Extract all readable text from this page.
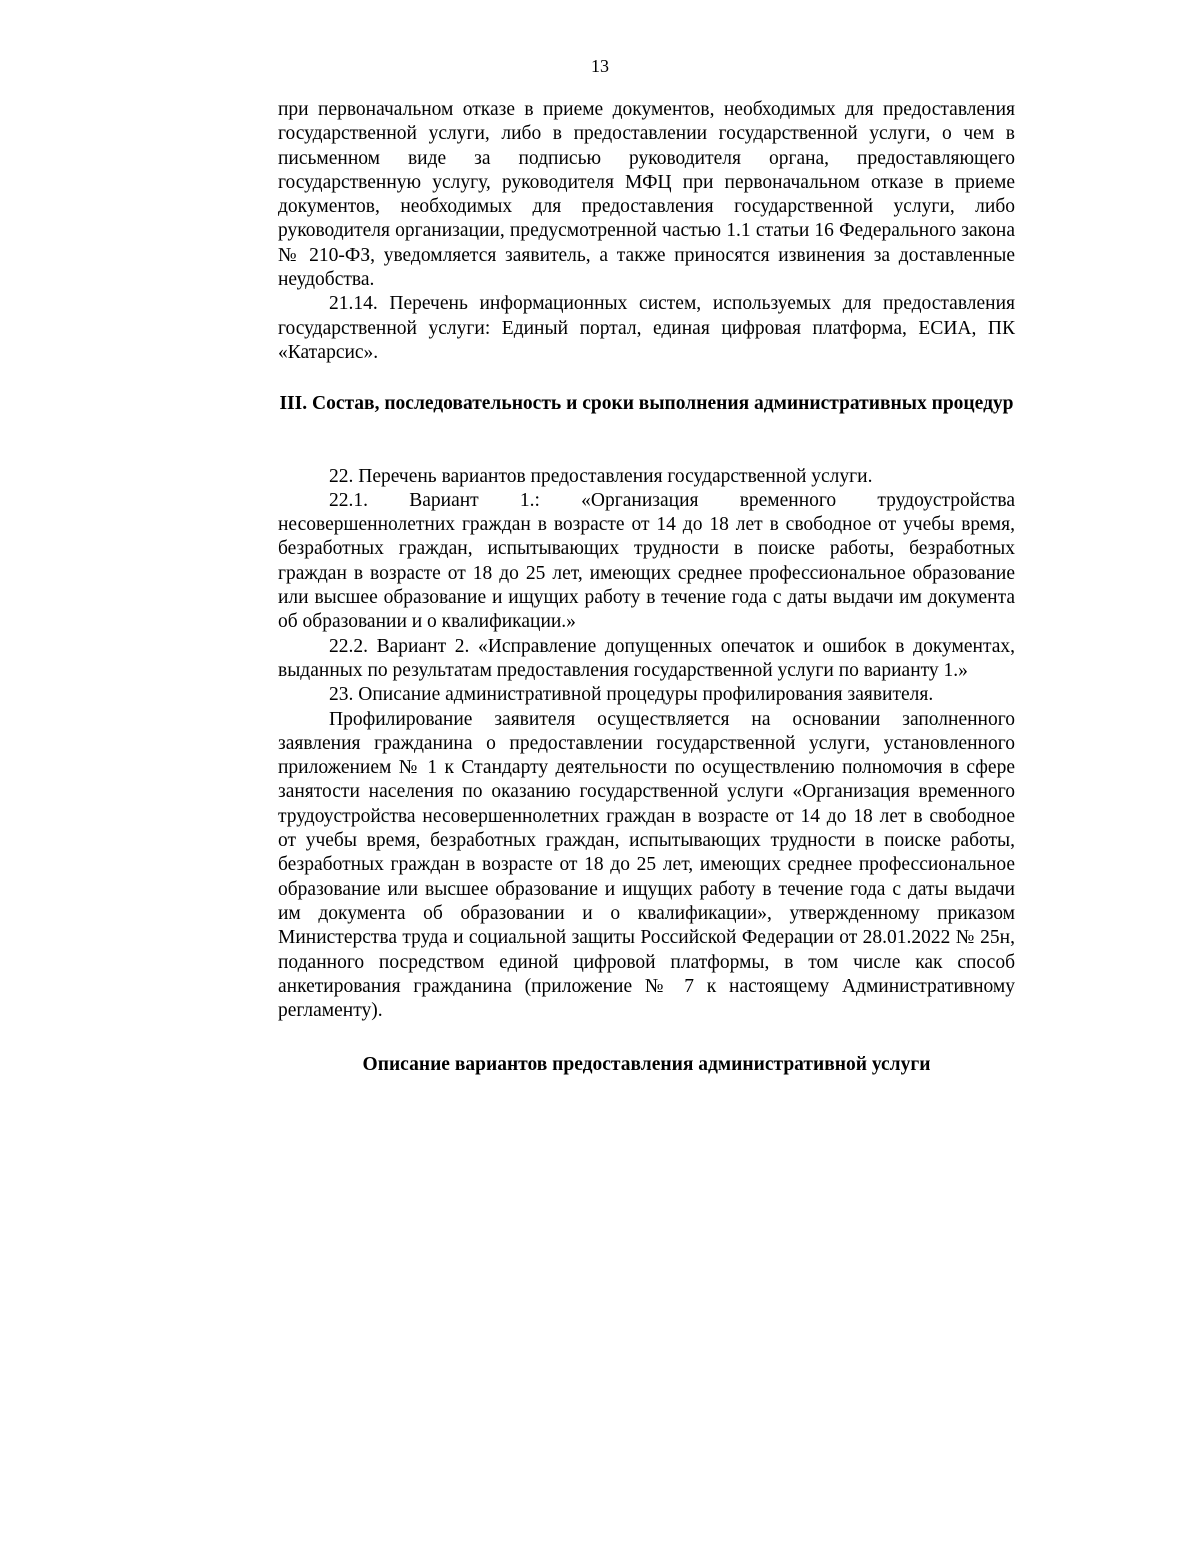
13

при первоначальном отказе в приеме документов, необходимых для предоставления государственной услуги, либо в предоставлении государственной услуги, о чем в письменном виде за подписью руководителя органа, предоставляющего государственную услугу, руководителя МФЦ при первоначальном отказе в приеме документов, необходимых для предоставления государственной услуги, либо руководителя организации, предусмотренной частью 1.1 статьи 16 Федерального закона № 210-ФЗ, уведомляется заявитель, а также приносятся извинения за доставленные неудобства.

21.14. Перечень информационных систем, используемых для предоставления государственной услуги: Единый портал, единая цифровая платформа, ЕСИА, ПК «Катарсис».

III. Состав, последовательность и сроки выполнения административных процедур

22. Перечень вариантов предоставления государственной услуги.

22.1. Вариант 1.: «Организация временного трудоустройства несовершеннолетних граждан в возрасте от 14 до 18 лет в свободное от учебы время, безработных граждан, испытывающих трудности в поиске работы, безработных граждан в возрасте от 18 до 25 лет, имеющих среднее профессиональное образование или высшее образование и ищущих работу в течение года с даты выдачи им документа об образовании и о квалификации.»

22.2. Вариант 2. «Исправление допущенных опечаток и ошибок в документах, выданных по результатам предоставления государственной услуги по варианту 1.»

23. Описание административной процедуры профилирования заявителя.

Профилирование заявителя осуществляется на основании заполненного заявления гражданина о предоставлении государственной услуги, установленного приложением № 1 к Стандарту деятельности по осуществлению полномочия в сфере занятости населения по оказанию государственной услуги «Организация временного трудоустройства несовершеннолетних граждан в возрасте от 14 до 18 лет в свободное от учебы время, безработных граждан, испытывающих трудности в поиске работы, безработных граждан в возрасте от 18 до 25 лет, имеющих среднее профессиональное образование или высшее образование и ищущих работу в течение года с даты выдачи им документа об образовании и о квалификации», утвержденному приказом Министерства труда и социальной защиты Российской Федерации от 28.01.2022 № 25н, поданного посредством единой цифровой платформы, в том числе как способ анкетирования гражданина (приложение № 7 к настоящему Административному регламенту).

Описание вариантов предоставления административной услуги
